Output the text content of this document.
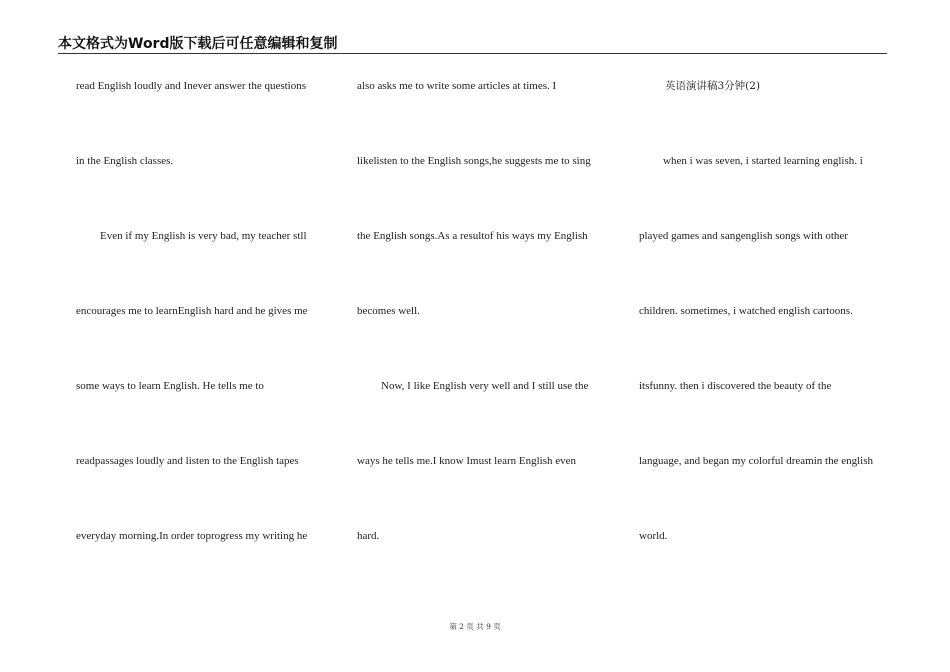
本文格式为Word版下载后可任意编辑和复制
read English loudly and Inever answer the questions
in the English classes.
Even if my English is very bad, my teacher stll
encourages me to learnEnglish hard and he gives me
some ways to learn English. He tells me to
readpassages loudly and listen to the English tapes
everyday morning.In order toprogress my writing he
also asks me to write some articles at times. I
likelisten to the English songs,he suggests me to sing
the English songs.As a resultof his ways my English
becomes well.
Now, I like English very well and I still use the
ways he tells me.I know Imust learn English even
hard.
英语演讲稿3分钟(2)
when i was seven, i started learning english. i
played games and sangenglish songs with other
children. sometimes, i watched english cartoons.
itsfunny. then i discovered the beauty of the
language, and began my colorful dreamin the english
world.
第 2 页 共 9 页
